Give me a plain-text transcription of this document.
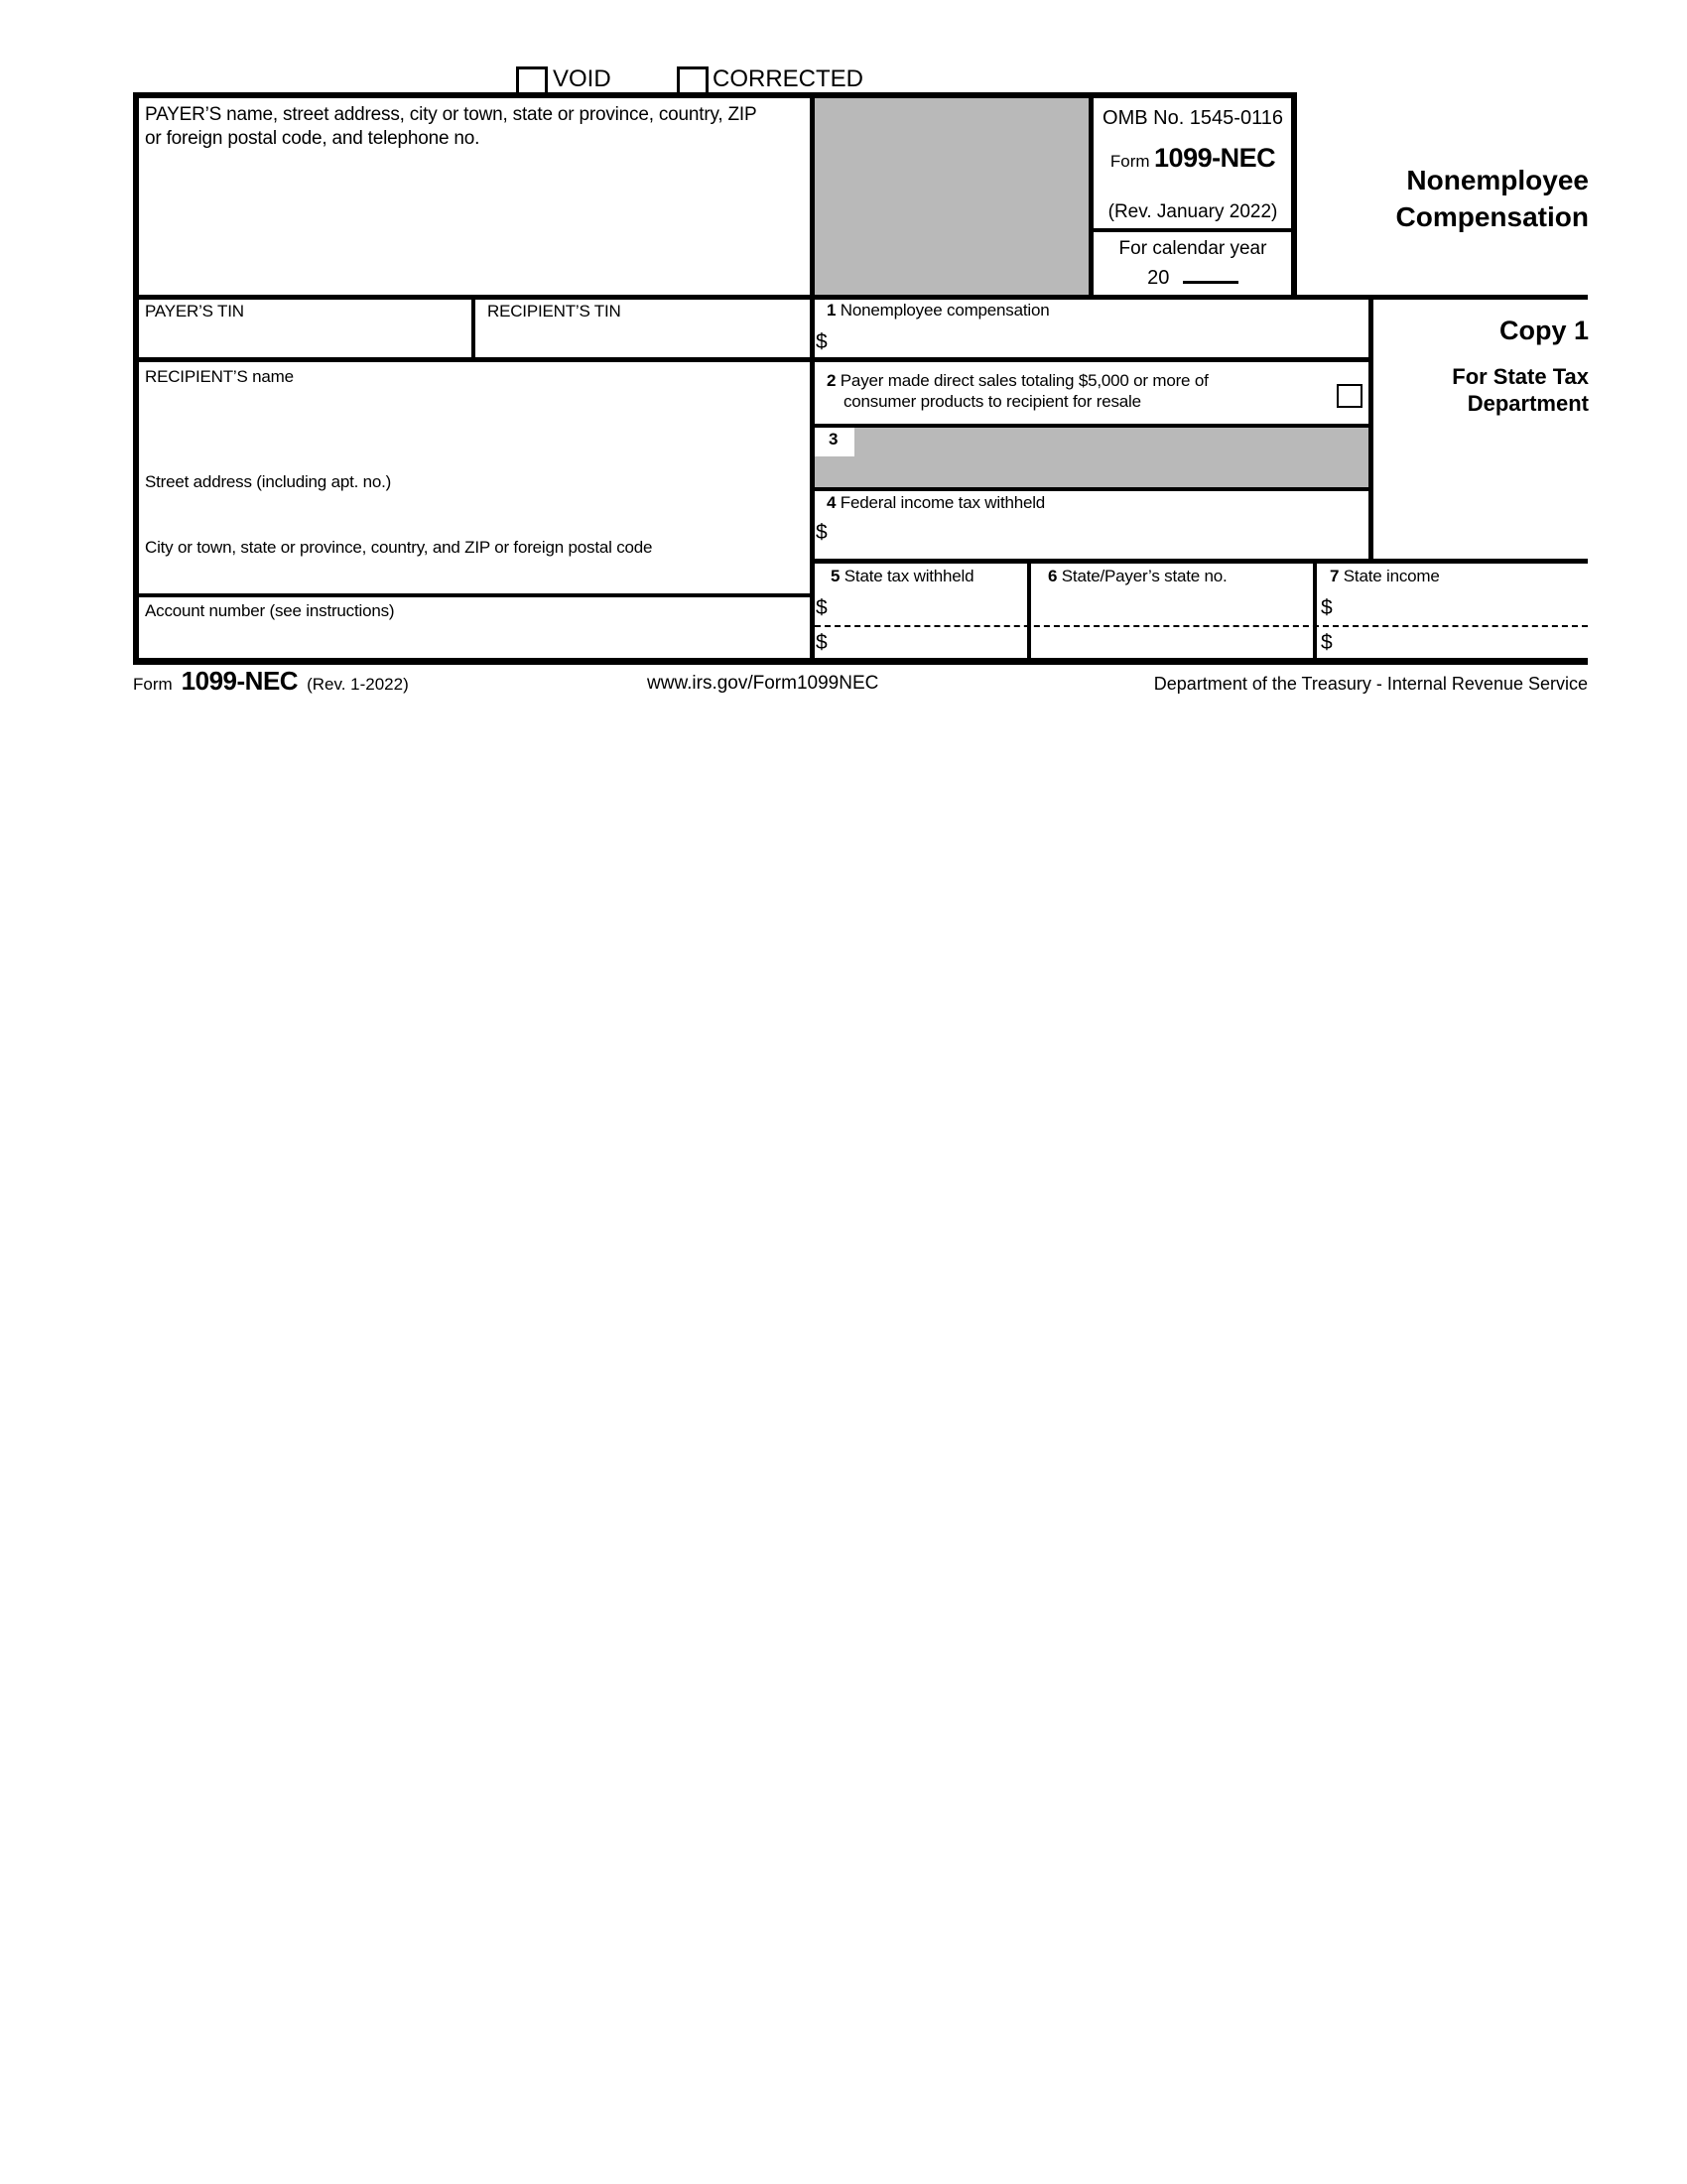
VOID	CORRECTED
PAYER’S name, street address, city or town, state or province, country, ZIP
or foreign postal code, and telephone no.
OMB No. 1545-0116
Form 1099-NEC
(Rev. January 2022)
For calendar year
20
Nonemployee
Compensation
Copy 1
For State Tax
Department
PAYER’S TIN	RECIPIENT’S TIN
RECIPIENT’S name
Street address (including apt. no.)
City or town, state or province, country, and ZIP or foreign postal code
Account number (see instructions)
1 Nonemployee compensation
$
2 Payer made direct sales totaling $5,000 or more of
consumer products to recipient for resale
3
4 Federal income tax withheld
$
5 State tax withheld
$
$
6 State/Payer’s state no.	7 State income
$
$
Form 1099-NEC (Rev. 1-2022)	www.irs.gov/Form1099NEC	Department of the Treasury - Internal Revenue Service
